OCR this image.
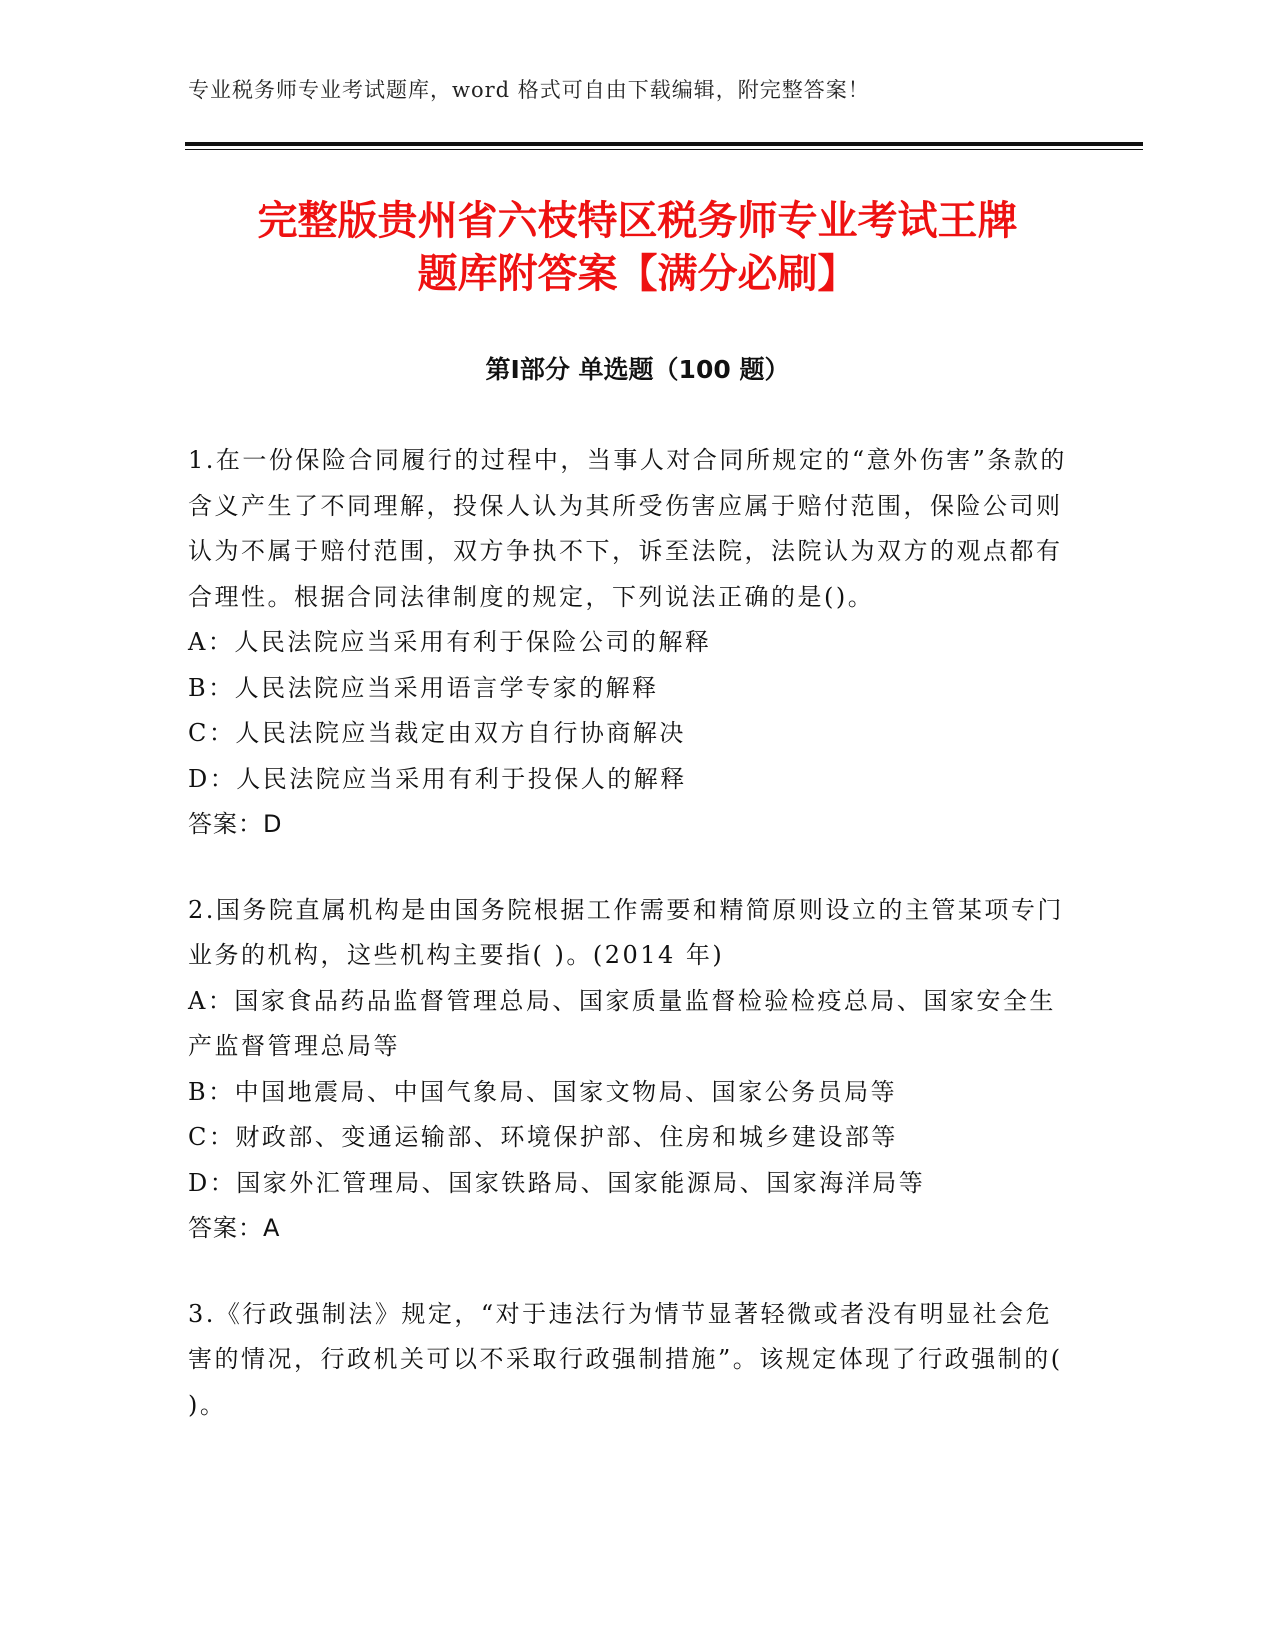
专业税务师专业考试题库，word 格式可自由下载编辑，附完整答案！
完整版贵州省六枝特区税务师专业考试王牌
题库附答案【满分必刷】
第Ⅰ部分 单选题（100 题）

1.在一份保险合同履行的过程中，当事人对合同所规定的“意外伤害”条款的含义产生了不同理解，投保人认为其所受伤害应属于赔付范围，保险公司则认为不属于赔付范围，双方争执不下，诉至法院，法院认为双方的观点都有合理性。根据合同法律制度的规定，下列说法正确的是()。

A：人民法院应当采用有利于保险公司的解释

B：人民法院应当采用语言学专家的解释

C：人民法院应当裁定由双方自行协商解决

D：人民法院应当采用有利于投保人的解释

答案：D

2.国务院直属机构是由国务院根据工作需要和精简原则设立的主管某项专门业务的机构，这些机构主要指( )。(2014 年)

A：国家食品药品监督管理总局、国家质量监督检验检疫总局、国家安全生产监督管理总局等

B：中国地震局、中国气象局、国家文物局、国家公务员局等

C：财政部、变通运输部、环境保护部、住房和城乡建设部等

D：国家外汇管理局、国家铁路局、国家能源局、国家海洋局等

答案：A

3.《行政强制法》规定，“对于违法行为情节显著轻微或者没有明显社会危害的情况，行政机关可以不采取行政强制措施”。该规定体现了行政强制的( )。
